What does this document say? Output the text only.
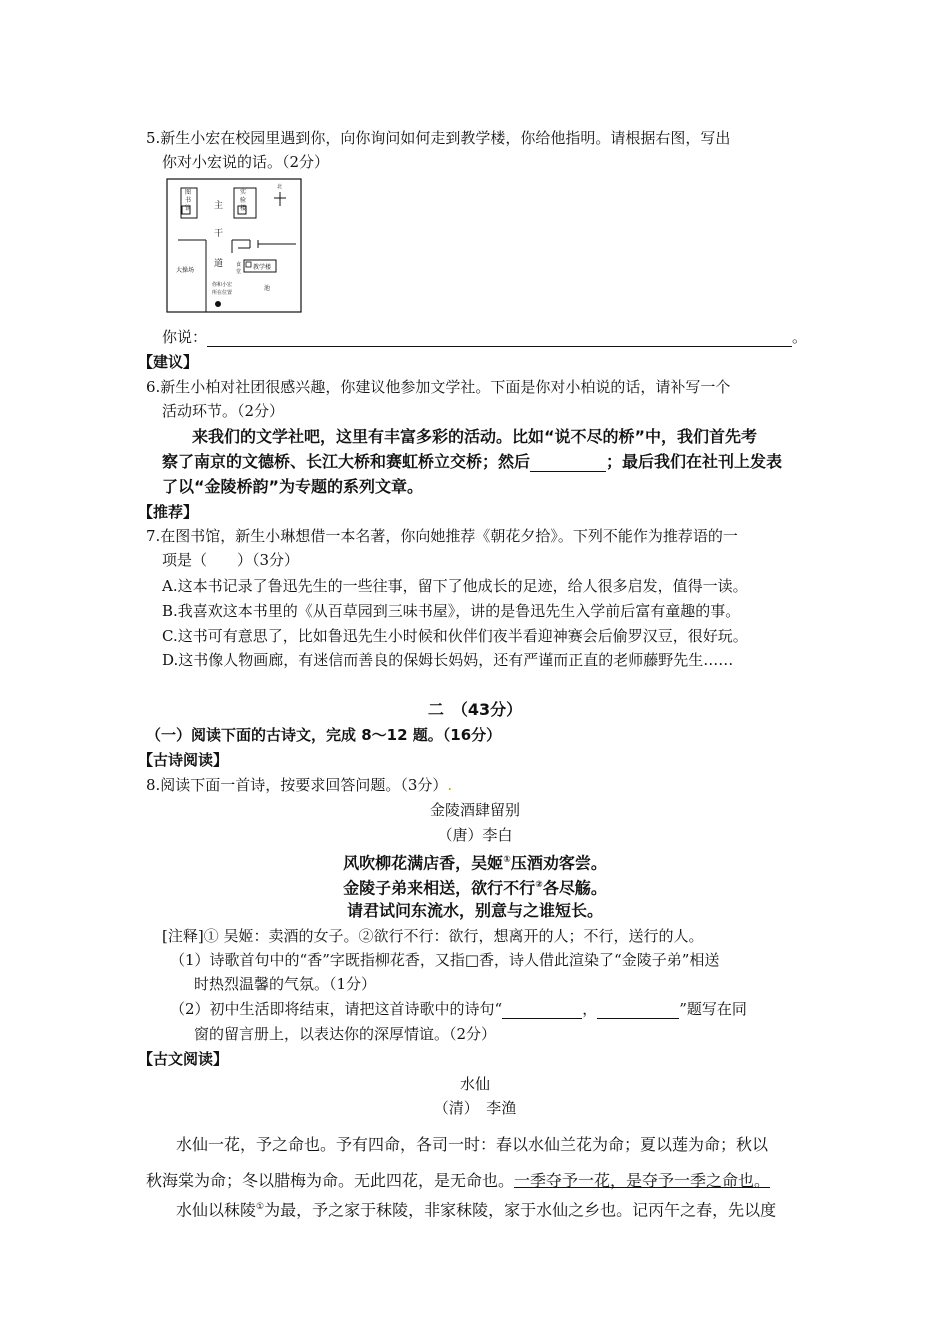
5.新生小宏在校园里遇到你，向你询问如何走到教学楼，你给他指明。请根据右图，写出
你对小宏说的话。（2分）
图
书
馆
实
验
楼
主
干
道
北
大操场	教学楼
食
堂
你和小宏
所在位置
池
你说：	。
【建议】
6.新生小柏对社团很感兴趣，你建议他参加文学社。下面是你对小柏说的话，请补写一个
活动环节。（2分）
来我们的文学社吧，这里有丰富多彩的活动。比如“说不尽的桥”中，我们首先考
察了南京的文德桥、长江大桥和赛虹桥立交桥；然后	；最后我们在社刊上发表
了以“金陵桥韵”为专题的系列文章。
【推荐】
7.在图书馆，新生小琳想借一本名著，你向她推荐《朝花夕拾》。下列不能作为推荐语的一
项是（　　）（3分）
A.这本书记录了鲁迅先生的一些往事，留下了他成长的足迹，给人很多启发，值得一读。
B.我喜欢这本书里的《从百草园到三味书屋》，讲的是鲁迅先生入学前后富有童趣的事。
C.这书可有意思了，比如鲁迅先生小时候和伙伴们夜半看迎神赛会后偷罗汉豆，很好玩。
D.这书像人物画廊，有迷信而善良的保姆长妈妈，还有严谨而正直的老师藤野先生……
二　（43分）
（一）阅读下面的古诗文，完成 8～12 题。（16分）
【古诗阅读】
8.阅读下面一首诗，按要求回答问题。（3分）.
金陵酒肆留别
（唐）李白
风吹柳花满店香，吴姬①压酒劝客尝。
金陵子弟来相送，欲行不行②各尽觞。
请君试问东流水，别意与之谁短长。
[注释]① 吴姬：卖酒的女子。②欲行不行：欲行，想离开的人；不行，送行的人。
（1）诗歌首句中的“香”字既指柳花香，又指□香，诗人借此渲染了“金陵子弟”相送
时热烈温馨的气氛。（1分）
（2）初中生活即将结束，请把这首诗歌中的诗句“	，	”题写在同
窗的留言册上，以表达你的深厚情谊。（2分）
【古文阅读】
水仙
（清）　李渔
水仙一花，予之命也。予有四命，各司一时：春以水仙兰花为命；夏以莲为命；秋以
秋海棠为命；冬以腊梅为命。无此四花，是无命也。一季夺予一花，是夺予一季之命也。
水仙以秣陵①为最，予之家于秣陵，非家秣陵，家于水仙之乡也。记丙午之春，先以度
